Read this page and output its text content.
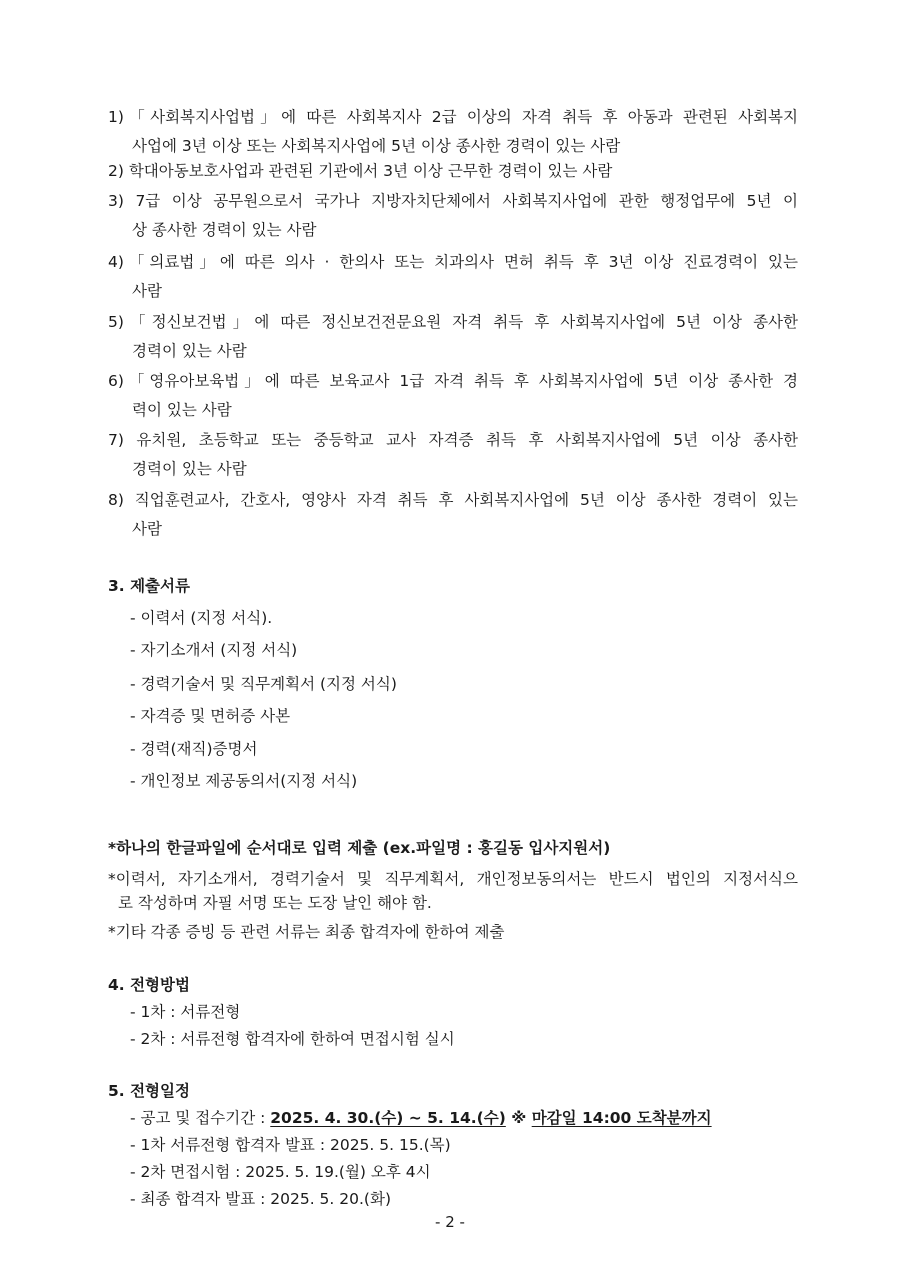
1)「사회복지사업법」에 따른 사회복지사 2급 이상의 자격 취득 후 아동과 관련된 사회복지
사업에 3년 이상 또는 사회복지사업에 5년 이상 종사한 경력이 있는 사람
2) 학대아동보호사업과 관련된 기관에서 3년 이상 근무한 경력이 있는 사람
3) 7급 이상 공무원으로서 국가나 지방자치단체에서 사회복지사업에 관한 행정업무에 5년 이
상 종사한 경력이 있는 사람
4)「의료법」에 따른 의사 · 한의사 또는 치과의사 면허 취득 후 3년 이상 진료경력이 있는
사람
5)「정신보건법」에 따른 정신보건전문요원 자격 취득 후 사회복지사업에 5년 이상 종사한
경력이 있는 사람
6)「영유아보육법」에 따른 보육교사 1급 자격 취득 후 사회복지사업에 5년 이상 종사한 경
력이 있는 사람
7) 유치원, 초등학교 또는 중등학교 교사 자격증 취득 후 사회복지사업에 5년 이상 종사한
경력이 있는 사람
8) 직업훈련교사, 간호사, 영양사 자격 취득 후 사회복지사업에 5년 이상 종사한 경력이 있는
사람
3. 제출서류
- 이력서 (지정 서식).
- 자기소개서 (지정 서식)
- 경력기술서 및 직무계획서 (지정 서식)
- 자격증 및 면허증 사본
- 경력(재직)증명서
- 개인정보 제공동의서(지정 서식)
*하나의 한글파일에 순서대로 입력 제출 (ex.파일명 : 홍길동 입사지원서)
*이력서, 자기소개서, 경력기술서 및 직무계획서, 개인정보동의서는 반드시 법인의 지정서식으
로 작성하며 자필 서명 또는 도장 날인 해야 함.
*기타 각종 증빙 등 관련 서류는 최종 합격자에 한하여 제출
4. 전형방법
- 1차 : 서류전형
- 2차 : 서류전형 합격자에 한하여 면접시험 실시
5. 전형일정
- 공고 및 접수기간 : 2025. 4. 30.(수) ~ 5. 14.(수) ※ 마감일 14:00 도착분까지
- 1차 서류전형 합격자 발표 : 2025. 5. 15.(목)
- 2차 면접시험 : 2025. 5. 19.(월) 오후 4시
- 최종 합격자 발표 : 2025. 5. 20.(화)
- 2 -
